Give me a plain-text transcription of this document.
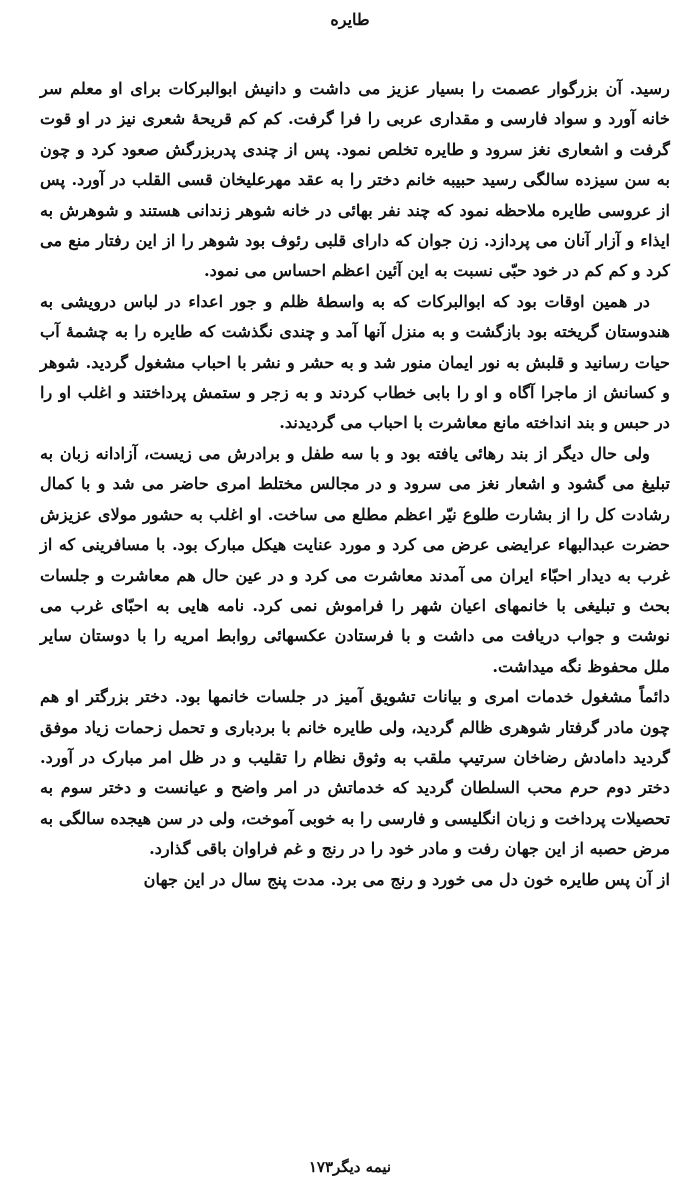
طایره

رسید. آن بزرگوار عصمت را بسیار عزیز می داشت و دانیش ابوالبرکات برای او معلم سر خانه آورد و سواد فارسی و مقداری عربی را فرا گرفت. کم کم قریحهٔ شعری نیز در او قوت گرفت و اشعاری نغز سرود و طایره تخلص نمود. پس از چندی پدربزرگش صعود کرد و چون به سن سیزده سالگی رسید حبیبه خانم دختر را به عقد مهرعلیخان قسی القلب در آورد. پس از عروسی طایره ملاحظه نمود که چند نفر بهائی در خانه شوهر زندانی هستند و شوهرش به ایذاء و آزار آنان می پردازد. زن جوان که دارای قلبی رئوف بود شوهر را از این رفتار منع می کرد و کم کم در خود حبّی نسبت به این آئین اعظم احساس می نمود.

در همین اوقات بود که ابوالبرکات که به واسطهٔ ظلم و جور اعداء در لباس درویشی به هندوستان گریخته بود بازگشت و به منزل آنها آمد و چندی نگذشت که طایره را به چشمهٔ آب حیات رسانید و قلبش به نور ایمان منور شد و به حشر و نشر با احباب مشغول گردید. شوهر و کسانش از ماجرا آگاه و او را بابی خطاب کردند و به زجر و ستمش پرداختند و اغلب او را در حبس و بند انداخته مانع معاشرت با احباب می گردیدند.

ولی حال دیگر از بند رهائی یافته بود و با سه طفل و برادرش می زیست، آزادانه زبان به تبلیغ می گشود و اشعار نغز می سرود و در مجالس مختلط امری حاضر می شد و با کمال رشادت کل را از بشارت طلوع نیّر اعظم مطلع می ساخت. او اغلب به حشور مولای عزیزش حضرت عبدالبهاء عرایضی عرض می کرد و مورد عنایت هیکل مبارک بود. با مسافرینی که از غرب به دیدار احبّاء ایران می آمدند معاشرت می کرد و در عین حال هم معاشرت و جلسات بحث و تبلیغی با خانمهای اعیان شهر را فراموش نمی کرد. نامه هایی به احبّای غرب می نوشت و جواب دریافت می داشت و با فرستادن عکسهائی روابط امریه را با دوستان سایر ملل محفوظ نگه میداشت.

دائماً مشغول خدمات امری و بیانات تشویق آمیز در جلسات خانمها بود. دختر بزرگتر او هم چون مادر گرفتار شوهری ظالم گردید، ولی طایره خانم با بردباری و تحمل زحمات زیاد موفق گردید دامادش رضاخان سرتیپ ملقب به وثوق نظام را تقلیب و در ظل امر مبارک در آورد. دختر دوم حرم محب السلطان گردید که خدماتش در امر واضح و عیانست و دختر سوم به تحصیلات پرداخت و زبان انگلیسی و فارسی را به خوبی آموخت، ولی در سن هیجده سالگی به مرض حصبه از این جهان رفت و مادر خود را در رنج و غم فراوان باقی گذارد.

از آن پس طایره خون دل می خورد و رنج می برد. مدت پنج سال در این جهان

نیمه دیگر۱۷۳
